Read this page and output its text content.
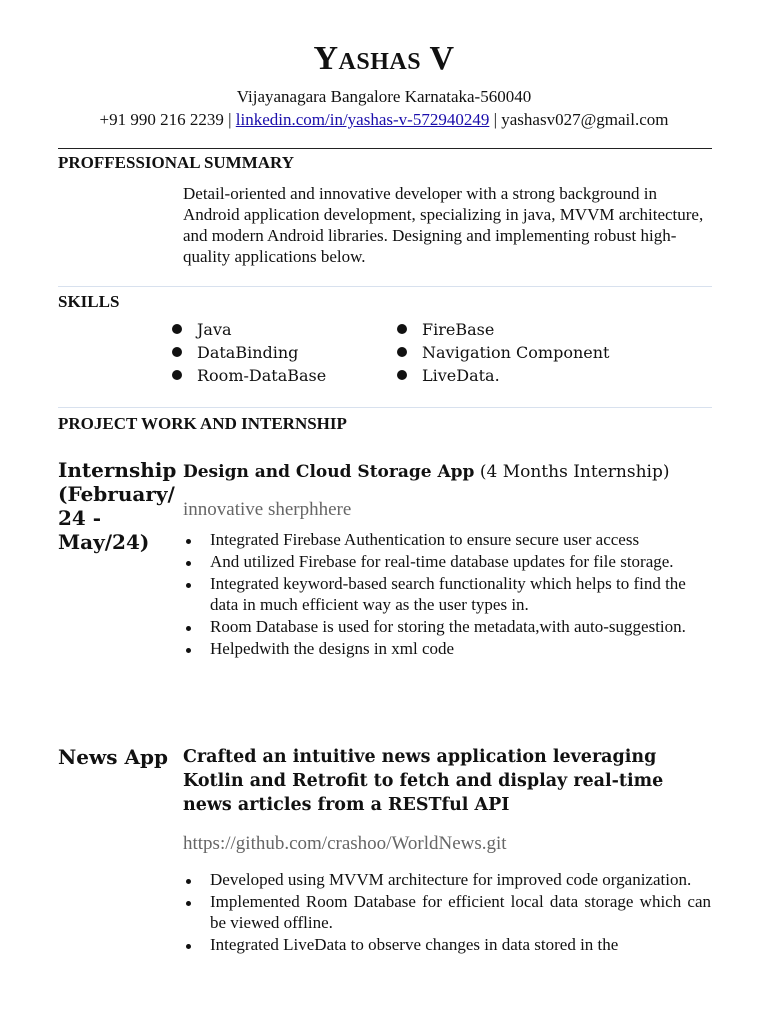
Yashas V
Vijayanagara Bangalore Karnataka-560040
+91 990 216 2239 | linkedin.com/in/yashas-v-572940249 | yashasv027@gmail.com
PROFFESSIONAL SUMMARY
Detail-oriented and innovative developer with a strong background in Android application development, specializing in java, MVVM architecture, and modern Android libraries. Designing and implementing robust high-quality applications below.
SKILLS
Java
DataBinding
Room-DataBase
FireBase
Navigation Component
LiveData.
PROJECT WORK AND INTERNSHIP
Internship (February/ 24 - May/24)
Design and Cloud Storage App (4 Months Internship)
innovative sherphhere
Integrated Firebase Authentication to ensure secure user access
And utilized Firebase for real-time database updates for file storage.
Integrated keyword-based search functionality which helps to find the data in much efficient way as the user types in.
Room Database is used for storing the metadata,with auto-suggestion.
Helpedwith the designs in xml code
News App Crafted an intuitive news application leveraging Kotlin and Retrofit to fetch and display real-time news articles from a RESTful API
https://github.com/crashoo/WorldNews.git
Developed using MVVM architecture for improved code organization.
Implemented Room Database for efficient local data storage which can be viewed offline.
Integrated LiveData to observe changes in data stored in the
